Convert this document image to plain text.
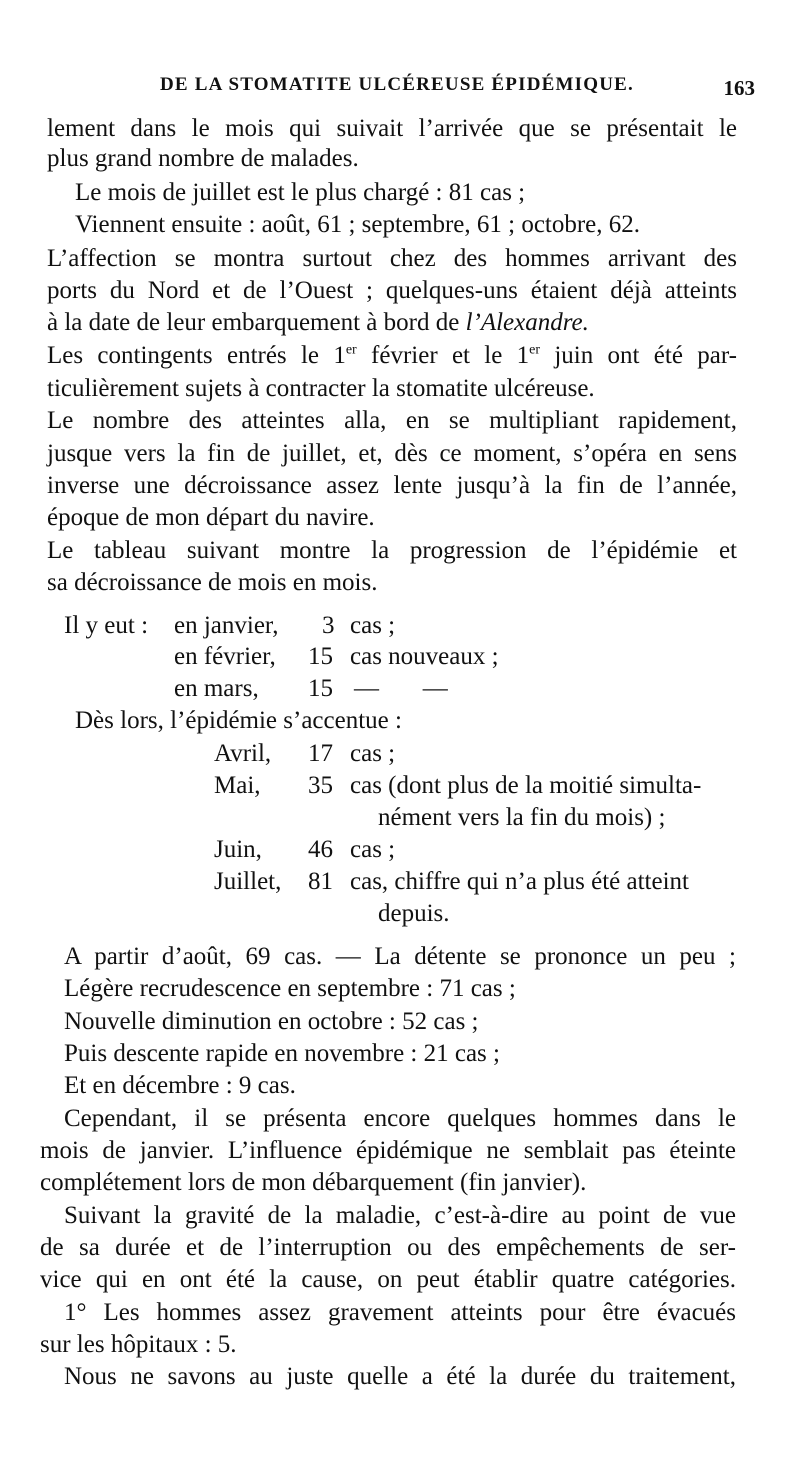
DE LA STOMATITE ULCÉREUSE ÉPIDÉMIQUE.	163
lement dans le mois qui suivait l’arrivée que se présentait le
plus grand nombre de malades.
Le mois de juillet est le plus chargé : 81 cas ;
Viennent ensuite : août, 61 ; septembre, 61 ; octobre, 62.
L’affection se montra surtout chez des hommes arrivant des
ports du Nord et de l’Ouest ; quelques-uns étaient déjà atteints
à la date de leur embarquement à bord de l’Alexandre.
Les contingents entrés le 1er février et le 1er juin ont été par-
ticulièrement sujets à contracter la stomatite ulcéreuse.
Le nombre des atteintes alla, en se multipliant rapidement,
jusque vers la fin de juillet, et, dès ce moment, s’opéra en sens
inverse une décroissance assez lente jusqu’à la fin de l’année,
époque de mon départ du navire.
Le tableau suivant montre la progression de l’épidémie et
sa décroissance de mois en mois.
Il y eut : en janvier, 3 cas ;
en février, 15 cas nouveaux ;
en mars, 15 —       —
Dès lors, l’épidémie s’accentue :
Avril, 17 cas ;
Mai, 35 cas (dont plus de la moitié simulta-
nément vers la fin du mois) ;
Juin, 46 cas ;
Juillet, 81 cas, chiffre qui n’a plus été atteint
depuis.
A partir d’août, 69 cas. — La détente se prononce un peu ;
Légère recrudescence en septembre : 71 cas ;
Nouvelle diminution en octobre : 52 cas ;
Puis descente rapide en novembre : 21 cas ;
Et en décembre : 9 cas.
Cependant, il se présenta encore quelques hommes dans le
mois de janvier. L’influence épidémique ne semblait pas éteinte
complétement lors de mon débarquement (fin janvier).
Suivant la gravité de la maladie, c’est-à-dire au point de vue
de sa durée et de l’interruption ou des empêchements de ser-
vice qui en ont été la cause, on peut établir quatre catégories.
1° Les hommes assez gravement atteints pour être évacués
sur les hôpitaux : 5.
Nous ne savons au juste quelle a été la durée du traitement,
